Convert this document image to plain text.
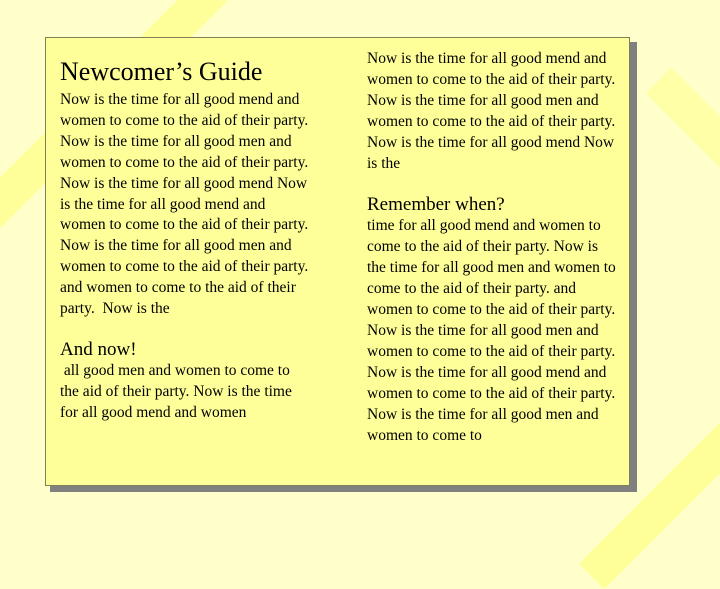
Newcomer’s Guide

Now is the time for all good mend and women to come to the aid of their party.  Now is the time for all good men and women to come to the aid of their party. Now is the time for all good mend Now is the time for all good mend and women to come to the aid of their party. Now is the time for all good men and women to come to the aid of their party. and women to come to the aid of their party.  Now is the

And now!

all good men and women to come to the aid of their party. Now is the time for all good mend and women

Now is the time for all good mend and women to come to the aid of their party.  Now is the time for all good men and women to come to the aid of their party. Now is the time for all good mend Now is the

Remember when?

time for all good mend and women to come to the aid of their party. Now is the time for all good men and women to come to the aid of their party. and women to come to the aid of their party.  Now is the time for all good men and women to come to the aid of their party. Now is the time for all good mend and women to come to the aid of their party.  Now is the time for all good men and women to come to
